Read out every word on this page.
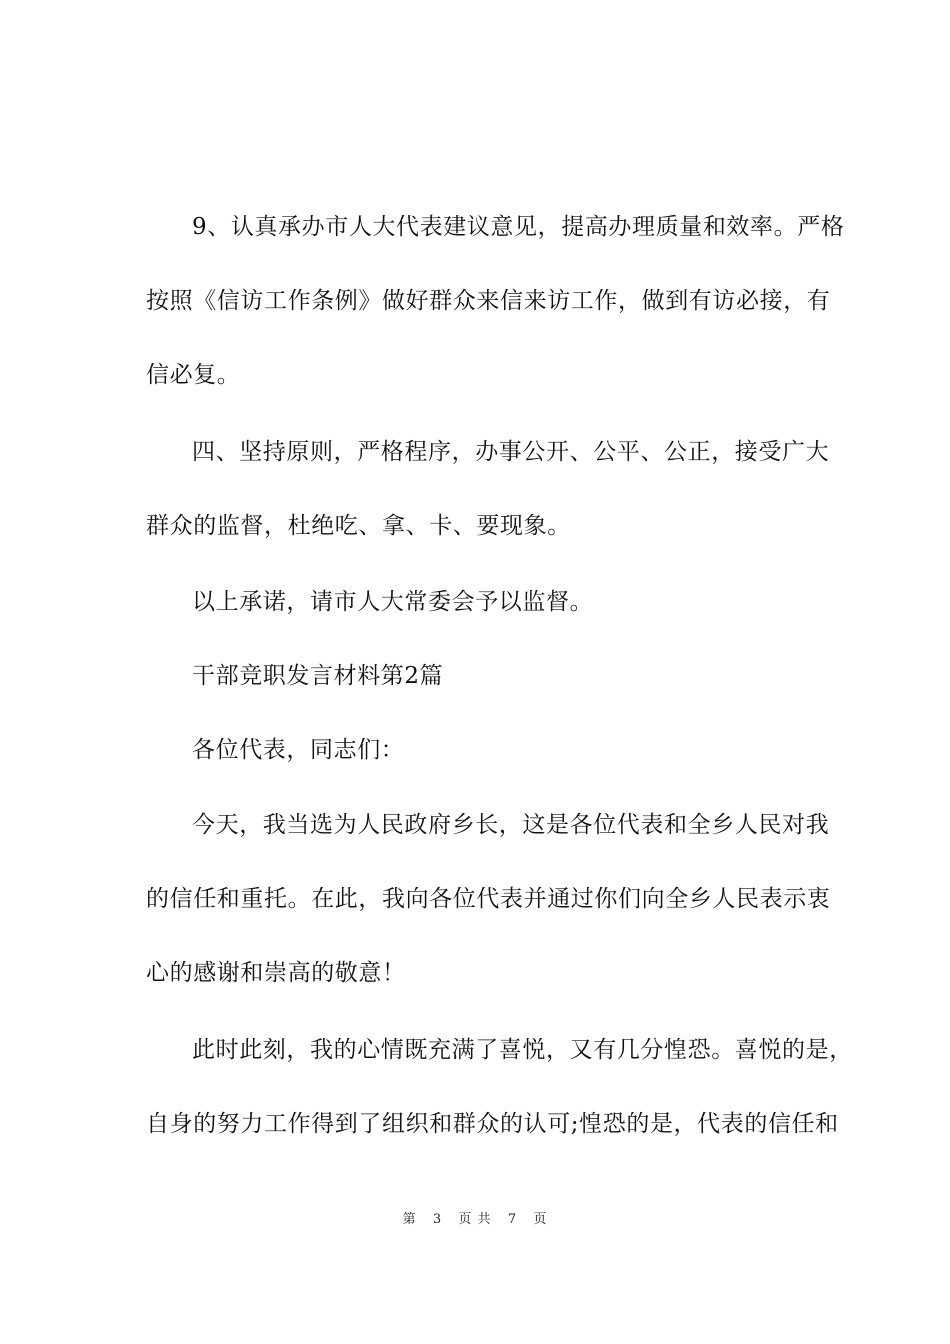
9、认真承办市人大代表建议意见，提高办理质量和效率。严格
按照《信访工作条例》做好群众来信来访工作，做到有访必接，有
信必复。

四、坚持原则，严格程序，办事公开、公平、公正，接受广大
群众的监督，杜绝吃、拿、卡、要现象。

以上承诺，请市人大常委会予以监督。

干部竞职发言材料第2篇

各位代表，同志们：

今天，我当选为人民政府乡长，这是各位代表和全乡人民对我
的信任和重托。在此，我向各位代表并通过你们向全乡人民表示衷
心的感谢和崇高的敬意！

此时此刻，我的心情既充满了喜悦，又有几分惶恐。喜悦的是，
自身的努力工作得到了组织和群众的认可;惶恐的是，代表的信任和

第 3 页 共 7 页
